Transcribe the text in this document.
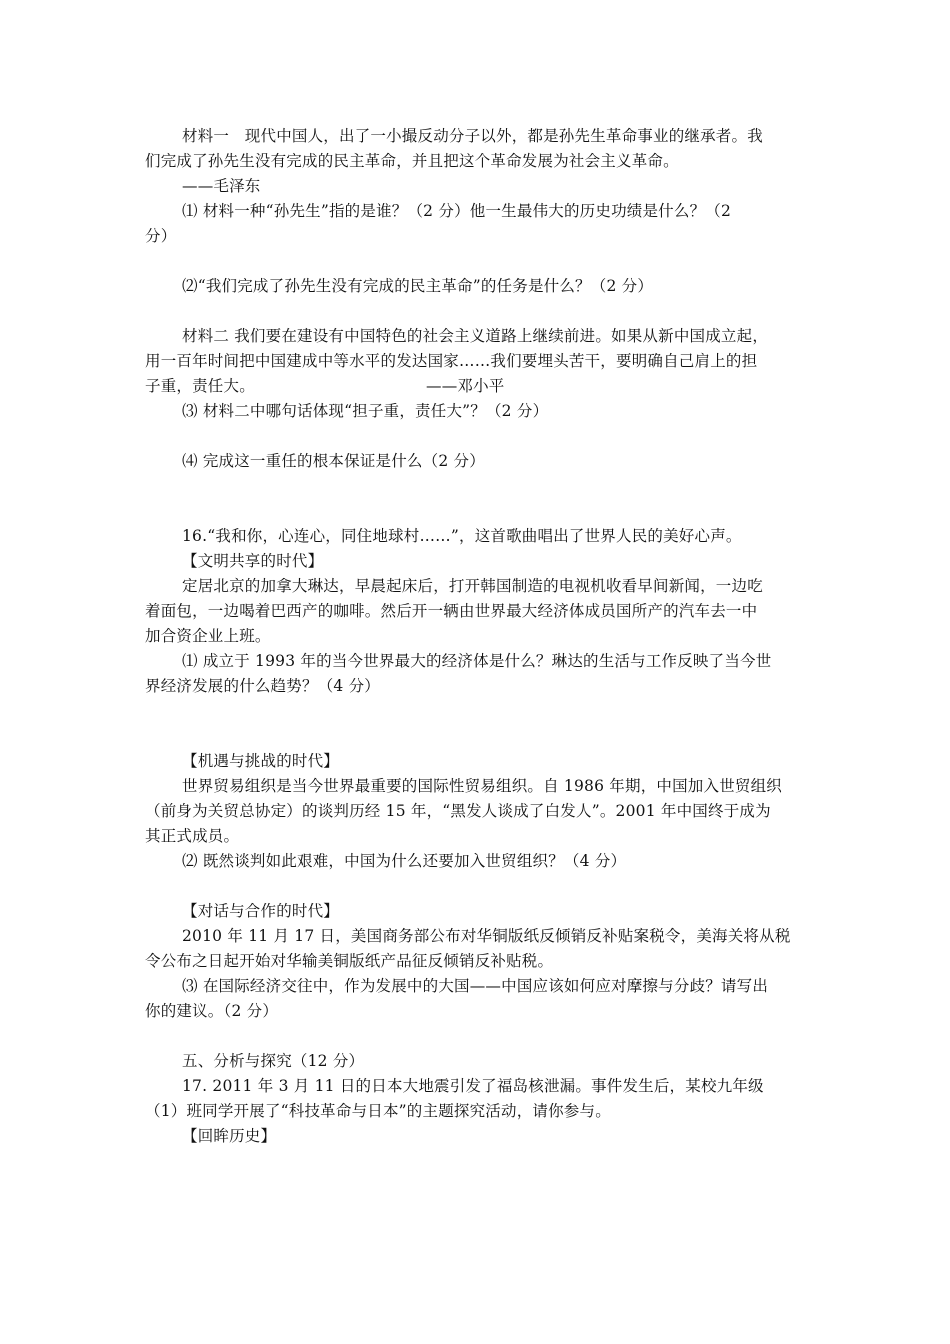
材料一　现代中国人，出了一小撮反动分子以外，都是孙先生革命事业的继承者。我
们完成了孙先生没有完成的民主革命，并且把这个革命发展为社会主义革命。
——毛泽东
⑴ 材料一种“孙先生”指的是谁？（2 分）他一生最伟大的历史功绩是什么？（2
分）
⑵“我们完成了孙先生没有完成的民主革命”的任务是什么？（2 分）
材料二 我们要在建设有中国特色的社会主义道路上继续前进。如果从新中国成立起，
用一百年时间把中国建成中等水平的发达国家……我们要埋头苦干，要明确自己肩上的担
子重，责任大。	——邓小平
⑶ 材料二中哪句话体现“担子重，责任大”？（2 分）
⑷ 完成这一重任的根本保证是什么（2 分）
16.“我和你，心连心，同住地球村……”，这首歌曲唱出了世界人民的美好心声。
【文明共享的时代】
定居北京的加拿大琳达，早晨起床后，打开韩国制造的电视机收看早间新闻，一边吃
着面包，一边喝着巴西产的咖啡。然后开一辆由世界最大经济体成员国所产的汽车去一中
加合资企业上班。
⑴ 成立于 1993 年的当今世界最大的经济体是什么？琳达的生活与工作反映了当今世
界经济发展的什么趋势？（4 分）
【机遇与挑战的时代】
世界贸易组织是当今世界最重要的国际性贸易组织。自 1986 年期，中国加入世贸组织
（前身为关贸总协定）的谈判历经 15 年，“黑发人谈成了白发人”。2001 年中国终于成为
其正式成员。
⑵ 既然谈判如此艰难，中国为什么还要加入世贸组织？（4 分）
【对话与合作的时代】
2010 年 11 月 17 日，美国商务部公布对华铜版纸反倾销反补贴案税令，美海关将从税
令公布之日起开始对华输美铜版纸产品征反倾销反补贴税。
⑶ 在国际经济交往中，作为发展中的大国——中国应该如何应对摩擦与分歧？请写出
你的建议。（2 分）
五、分析与探究（12 分）
17. 2011 年 3 月 11 日的日本大地震引发了福岛核泄漏。事件发生后，某校九年级
（1）班同学开展了“科技革命与日本”的主题探究活动，请你参与。
【回眸历史】
